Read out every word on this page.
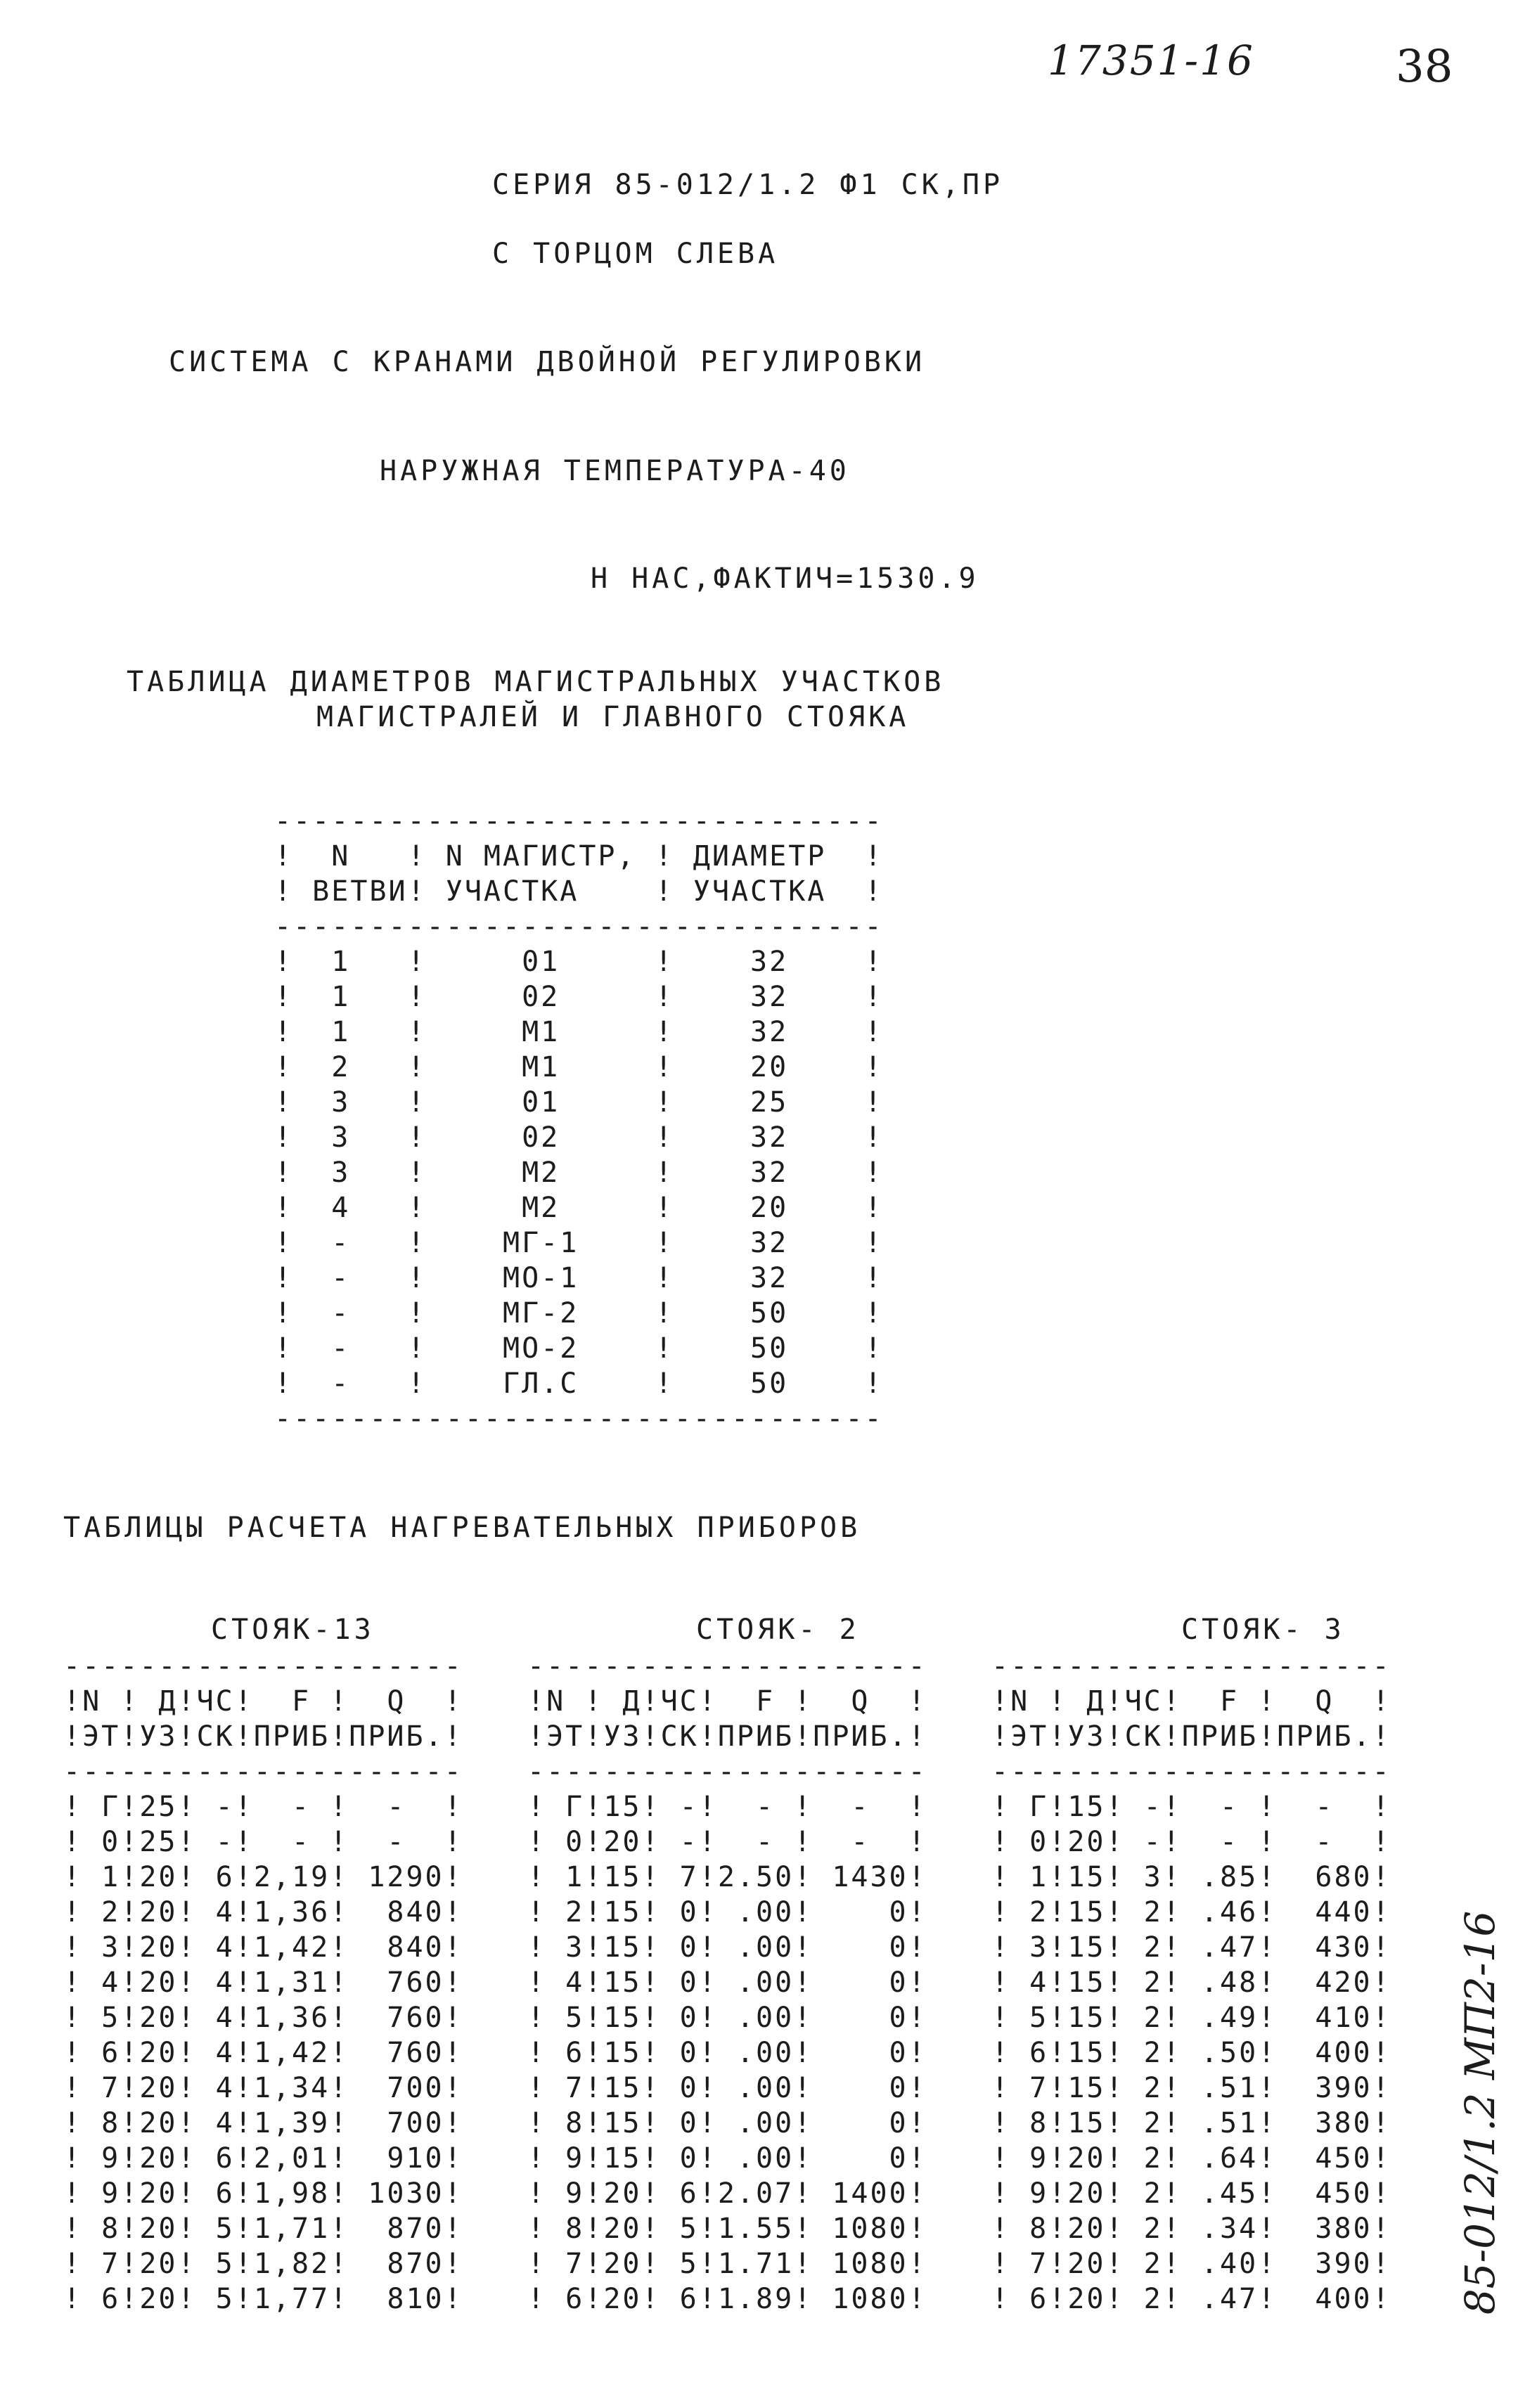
17351-16	38
СЕРИЯ 85-012/1.2 Ф1 СК,ПР
С ТОРЦОМ СЛЕВА
СИСТЕМА С КРАНАМИ ДВОЙНОЙ РЕГУЛИРОВКИ
НАРУЖНАЯ ТЕМПЕРАТУРА-40
Н НАС,ФАКТИЧ=1530.9
ТАБЛИЦА ДИАМЕТРОВ МАГИСТРАЛЬНЫХ УЧАСТКОВ
МАГИСТРАЛЕЙ И ГЛАВНОГО СТОЯКА
--------------------------------
!  N   ! N МАГИСТР, ! ДИАМЕТР  !
! ВЕТВИ! УЧАСТКА    ! УЧАСТКА  !
--------------------------------
!  1   !     01     !    32    !
!  1   !     02     !    32    !
!  1   !     М1     !    32    !
!  2   !     М1     !    20    !
!  3   !     01     !    25    !
!  3   !     02     !    32    !
!  3   !     М2     !    32    !
!  4   !     М2     !    20    !
!  -   !    МГ-1    !    32    !
!  -   !    МО-1    !    32    !
!  -   !    МГ-2    !    50    !
!  -   !    МО-2    !    50    !
!  -   !    ГЛ.С    !    50    !
--------------------------------
ТАБЛИЦЫ РАСЧЕТА НАГРЕВАТЕЛЬНЫХ ПРИБОРОВ
СТОЯК-13	СТОЯК- 2	СТОЯК- 3
---------------------
!N ! Д!ЧС!  F !  Q  !
!ЭТ!УЗ!СК!ПРИБ!ПРИБ.!
---------------------
! Г!25! -!  - !  -  !
! 0!25! -!  - !  -  !
! 1!20! 6!2,19! 1290!
! 2!20! 4!1,36!  840!
! 3!20! 4!1,42!  840!
! 4!20! 4!1,31!  760!
! 5!20! 4!1,36!  760!
! 6!20! 4!1,42!  760!
! 7!20! 4!1,34!  700!
! 8!20! 4!1,39!  700!
! 9!20! 6!2,01!  910!
! 9!20! 6!1,98! 1030!
! 8!20! 5!1,71!  870!
! 7!20! 5!1,82!  870!
! 6!20! 5!1,77!  810!
---------------------
!N ! Д!ЧС!  F !  Q  !
!ЭТ!УЗ!СК!ПРИБ!ПРИБ.!
---------------------
! Г!15! -!  - !  -  !
! 0!20! -!  - !  -  !
! 1!15! 7!2.50! 1430!
! 2!15! 0! .00!    0!
! 3!15! 0! .00!    0!
! 4!15! 0! .00!    0!
! 5!15! 0! .00!    0!
! 6!15! 0! .00!    0!
! 7!15! 0! .00!    0!
! 8!15! 0! .00!    0!
! 9!15! 0! .00!    0!
! 9!20! 6!2.07! 1400!
! 8!20! 5!1.55! 1080!
! 7!20! 5!1.71! 1080!
! 6!20! 6!1.89! 1080!
---------------------
!N ! Д!ЧС!  F !  Q  !
!ЭТ!УЗ!СК!ПРИБ!ПРИБ.!
---------------------
! Г!15! -!  - !  -  !
! 0!20! -!  - !  -  !
! 1!15! 3! .85!  680!
! 2!15! 2! .46!  440!
! 3!15! 2! .47!  430!
! 4!15! 2! .48!  420!
! 5!15! 2! .49!  410!
! 6!15! 2! .50!  400!
! 7!15! 2! .51!  390!
! 8!15! 2! .51!  380!
! 9!20! 2! .64!  450!
! 9!20! 2! .45!  450!
! 8!20! 2! .34!  380!
! 7!20! 2! .40!  390!
! 6!20! 2! .47!  400! 85-012/1.2 МП2-16
